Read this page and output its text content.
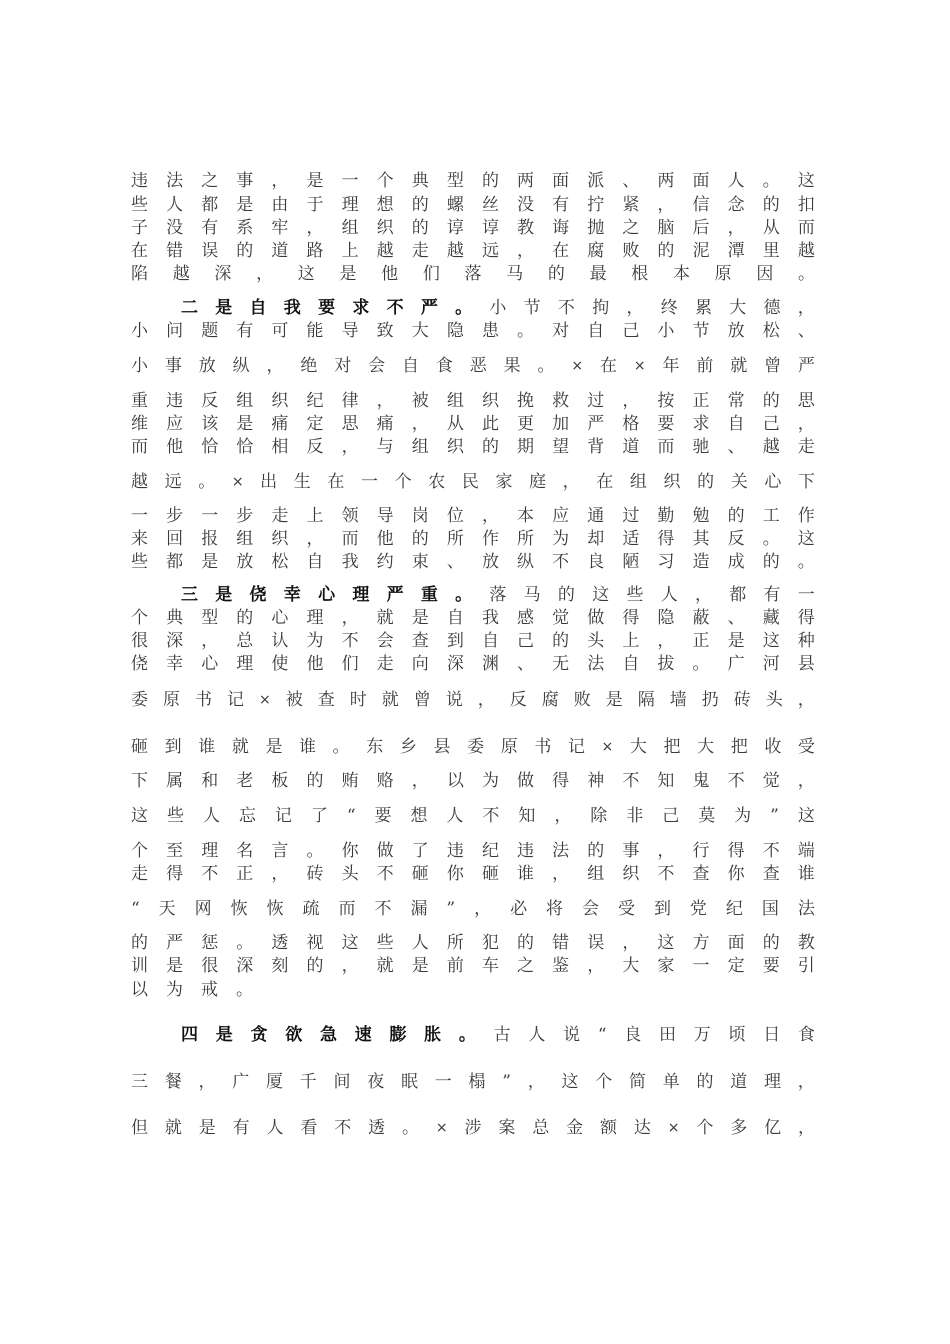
违 法 之 事 ， 是 一 个 典 型 的 两 面 派 、 两 面 人 。 这
些 人 都 是 由 于 理 想 的 螺 丝 没 有 拧 紧 ， 信 念 的 扣
子 没 有 系 牢 ， 组 织 的 谆 谆 教 诲 抛 之 脑 后 ， 从 而
在 错 误 的 道 路 上 越 走 越 远 ， 在 腐 败 的 泥 潭 里 越
陷 越 深 ， 这 是 他 们 落 马 的 最 根 本 原 因 。
二 是 自 我 要 求 不 严 。 小 节 不 拘 ， 终 累 大 德 ，
小 问 题 有 可 能 导 致 大 隐 患 。 对 自 己 小 节 放 松 、
小 事 放 纵 ， 绝 对 会 自 食 恶 果 。 × 在 × 年 前 就 曾 严
重 违 反 组 织 纪 律 ， 被 组 织 挽 救 过 ， 按 正 常 的 思
维 应 该 是 痛 定 思 痛 ， 从 此 更 加 严 格 要 求 自 己 ，
而 他 恰 恰 相 反 ， 与 组 织 的 期 望 背 道 而 驰 、 越 走
越 远 。 × 出 生 在 一 个 农 民 家 庭 ， 在 组 织 的 关 心 下
一 步 一 步 走 上 领 导 岗 位 ， 本 应 通 过 勤 勉 的 工 作
来 回 报 组 织 ， 而 他 的 所 作 所 为 却 适 得 其 反 。 这
些 都 是 放 松 自 我 约 束 、 放 纵 不 良 陋 习 造 成 的 。
三 是 侥 幸 心 理 严 重 。 落 马 的 这 些 人 ， 都 有 一
个 典 型 的 心 理 ， 就 是 自 我 感 觉 做 得 隐 蔽 、 藏 得
很 深 ， 总 认 为 不 会 查 到 自 己 的 头 上 ， 正 是 这 种
侥 幸 心 理 使 他 们 走 向 深 渊 、 无 法 自 拔 。 广 河 县
委 原 书 记 × 被 查 时 就 曾 说 ， 反 腐 败 是 隔 墙 扔 砖 头 ，
砸 到 谁 就 是 谁 。 东 乡 县 委 原 书 记 × 大 把 大 把 收 受
下 属 和 老 板 的 贿 赂 ， 以 为 做 得 神 不 知 鬼 不 觉 ，
这 些 人 忘 记 了 “ 要 想 人 不 知 ， 除 非 己 莫 为 ” 这
个 至 理 名 言 。 你 做 了 违 纪 违 法 的 事 ， 行 得 不 端
走 得 不 正 ， 砖 头 不 砸 你 砸 谁 ， 组 织 不 查 你 查 谁
“ 天 网 恢 恢 疏 而 不 漏 ” ， 必 将 会 受 到 党 纪 国 法
的 严 惩 。 透 视 这 些 人 所 犯 的 错 误 ， 这 方 面 的 教
训 是 很 深 刻 的 ， 就 是 前 车 之 鉴 ， 大 家 一 定 要 引
以 为 戒 。
四 是 贪 欲 急 速 膨 胀 。 古 人 说 “ 良 田 万 顷 日 食
三 餐 ， 广 厦 千 间 夜 眠 一 榻 ” ， 这 个 简 单 的 道 理 ，
但 就 是 有 人 看 不 透 。 × 涉 案 总 金 额 达 × 个 多 亿 ，
